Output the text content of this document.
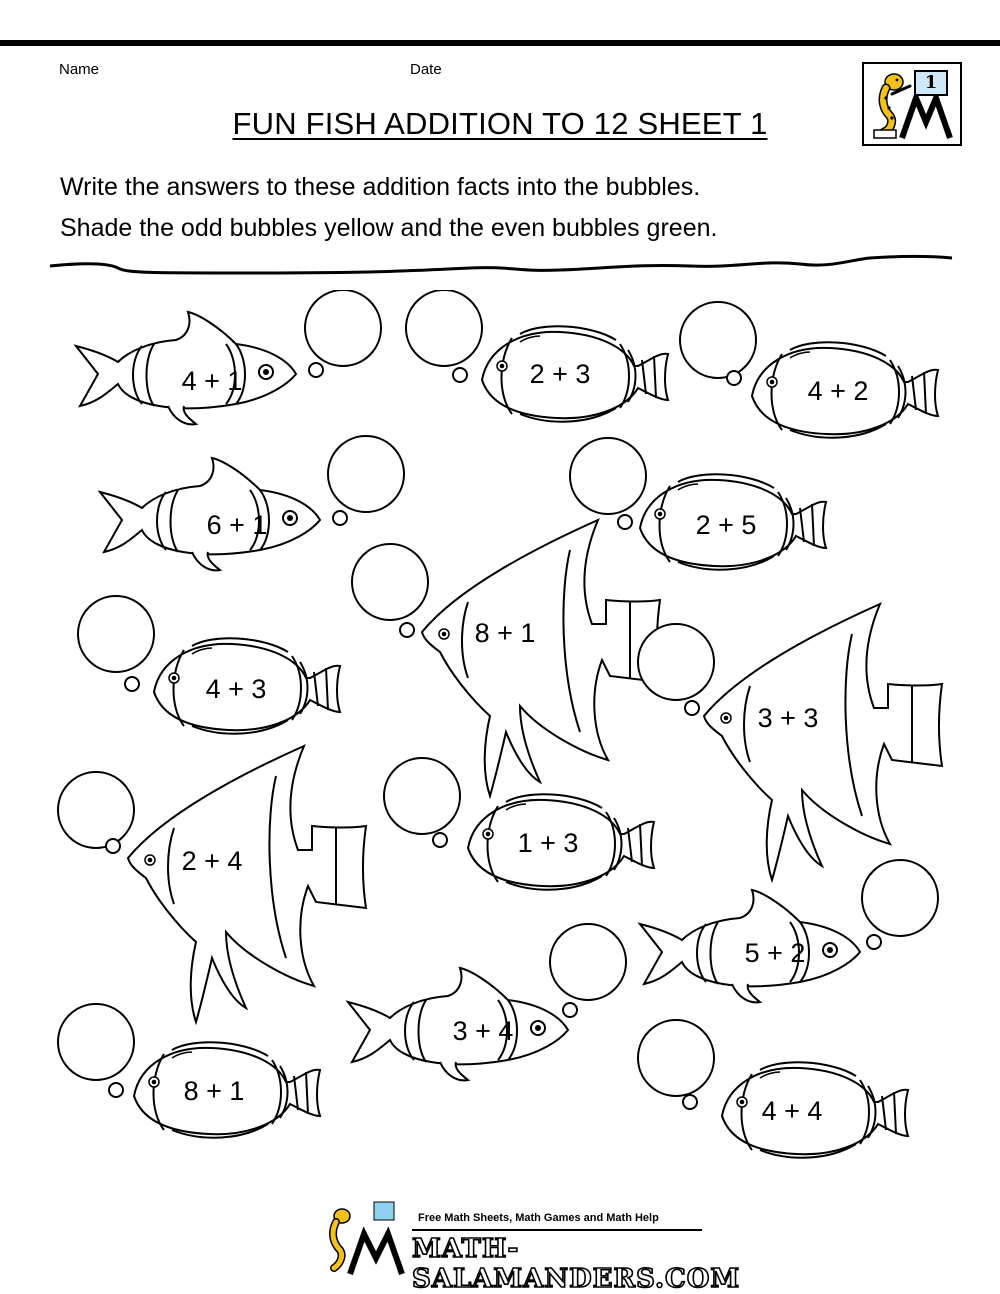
Name	Date
1
FUN FISH ADDITION TO 12 SHEET 1
Write the answers to these addition facts into the bubbles.
Shade the odd bubbles yellow and the even bubbles green.
4 + 1	2 + 3
4 + 2
6 + 1	2 + 5
8 + 1
4 + 3
3 + 3
2 + 4
1 + 3
5 + 2
3 + 4
8 + 1
4 + 4
Free Math Sheets, Math Games and Math Help
MATH-SALAMANDERS.COM
